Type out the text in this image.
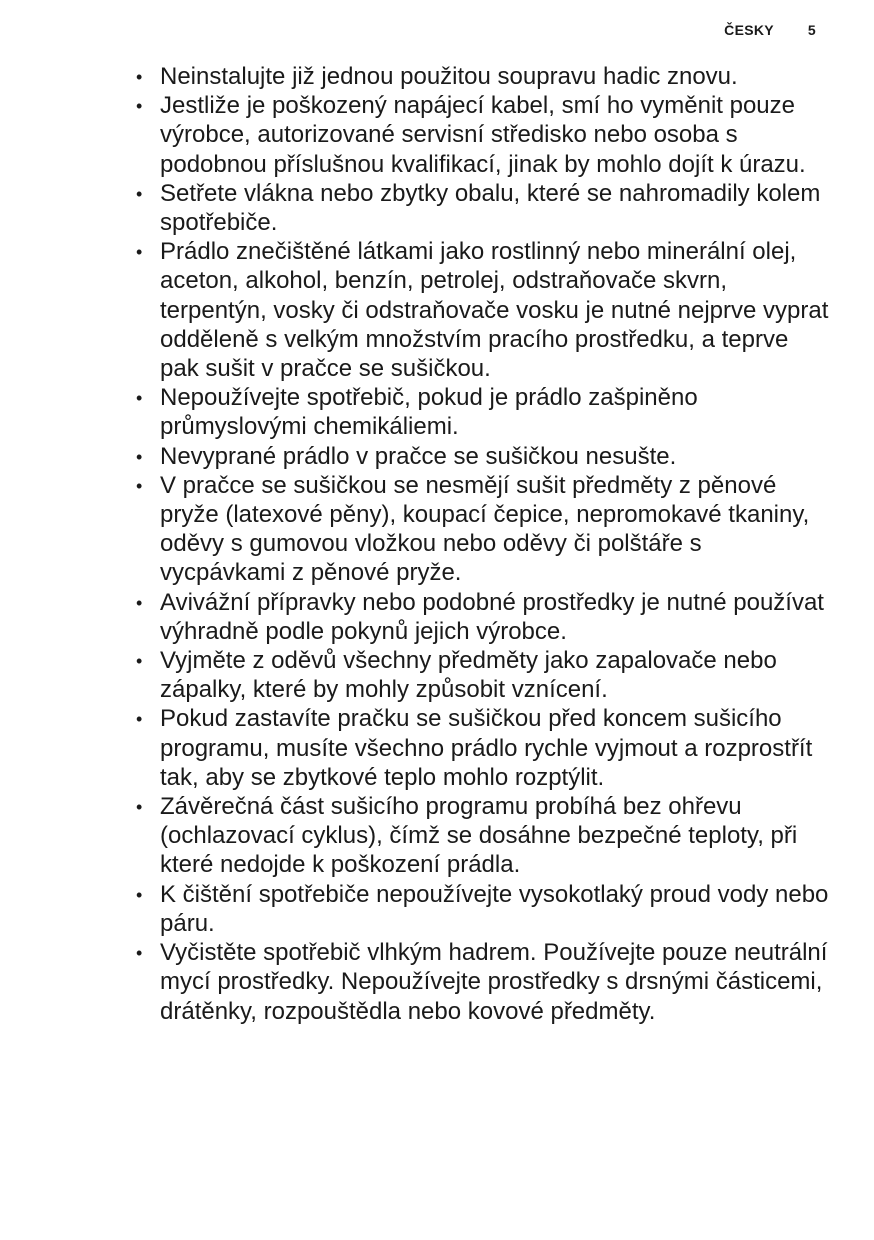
ČESKY 5
• Neinstalujte již jednou použitou soupravu hadic znovu.
• Jestliže je poškozený napájecí kabel, smí ho vyměnit pouze výrobce, autorizované servisní středisko nebo osoba s podobnou příslušnou kvalifikací, jinak by mohlo dojít k úrazu.
• Setřete vlákna nebo zbytky obalu, které se nahromadily kolem spotřebiče.
• Prádlo znečištěné látkami jako rostlinný nebo minerální olej, aceton, alkohol, benzín, petrolej, odstraňovače skvrn, terpentýn, vosky či odstraňovače vosku je nutné nejprve vyprat odděleně s velkým množstvím pracího prostředku, a teprve pak sušit v pračce se sušičkou.
• Nepoužívejte spotřebič, pokud je prádlo zašpiněno průmyslovými chemikáliemi.
• Nevyprané prádlo v pračce se sušičkou nesušte.
• V pračce se sušičkou se nesmějí sušit předměty z pěnové pryže (latexové pěny), koupací čepice, nepromokavé tkaniny, oděvy s gumovou vložkou nebo oděvy či polštáře s vycpávkami z pěnové pryže.
• Avivážní přípravky nebo podobné prostředky je nutné používat výhradně podle pokynů jejich výrobce.
• Vyjměte z oděvů všechny předměty jako zapalovače nebo zápalky, které by mohly způsobit vznícení.
• Pokud zastavíte pračku se sušičkou před koncem sušicího programu, musíte všechno prádlo rychle vyjmout a rozprostřít tak, aby se zbytkové teplo mohlo rozptýlit.
• Závěrečná část sušicího programu probíhá bez ohřevu (ochlazovací cyklus), čímž se dosáhne bezpečné teploty, při které nedojde k poškození prádla.
• K čištění spotřebiče nepoužívejte vysokotlaký proud vody nebo páru.
• Vyčistěte spotřebič vlhkým hadrem. Používejte pouze neutrální mycí prostředky. Nepoužívejte prostředky s drsnými částicemi, drátěnky, rozpouštědla nebo kovové předměty.
